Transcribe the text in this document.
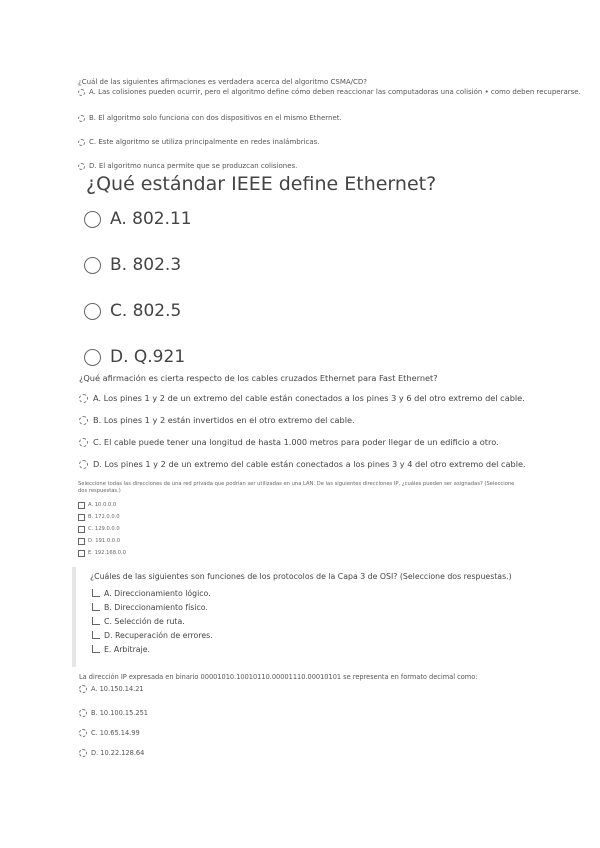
¿Cuál de las siguientes afirmaciones es verdadera acerca del algoritmo CSMA/CD?
A. Las colisiones pueden ocurrir, pero el algoritmo define cómo deben reaccionar las computadoras una colisión • como deben recuperarse.
B. El algoritmo solo funciona con dos dispositivos en el mismo Ethernet.
C. Este algoritmo se utiliza principalmente en redes inalámbricas.
D. El algoritmo nunca permite que se produzcan colisiones.
¿Qué estándar IEEE define Ethernet?
A. 802.11
B. 802.3
C. 802.5
D. Q.921
¿Qué afirmación es cierta respecto de los cables cruzados Ethernet para Fast Ethernet?
A. Los pines 1 y 2 de un extremo del cable están conectados a los pines 3 y 6 del otro extremo del cable.
B. Los pines 1 y 2 están invertidos en el otro extremo del cable.
C. El cable puede tener una longitud de hasta 1.000 metros para poder llegar de un edificio a otro.
D. Los pines 1 y 2 de un extremo del cable están conectados a los pines 3 y 4 del otro extremo del cable.
Seleccione todas las direcciones de una red privada que podrían ser utilizadas en una LAN. De las siguientes direcciones IP, ¿cuáles pueden ser asignadas? (Seleccione dos respuestas.)
A. 10.0.0.0
B. 172.0.0.0
C. 129.0.0.0
D. 191.0.0.0
E. 192.168.0.0
¿Cuáles de las siguientes son funciones de los protocolos de la Capa 3 de OSI? (Seleccione dos respuestas.)
A. Direccionamiento lógico.
B. Direccionamiento físico.
C. Selección de ruta.
D. Recuperación de errores.
E. Arbitraje.
La dirección IP expresada en binario 00001010.10010110.00001110.00010101 se representa en formato decimal como:
A. 10.150.14.21
B. 10.100.15.251
C. 10.65.14.99
D. 10.22.128.64
